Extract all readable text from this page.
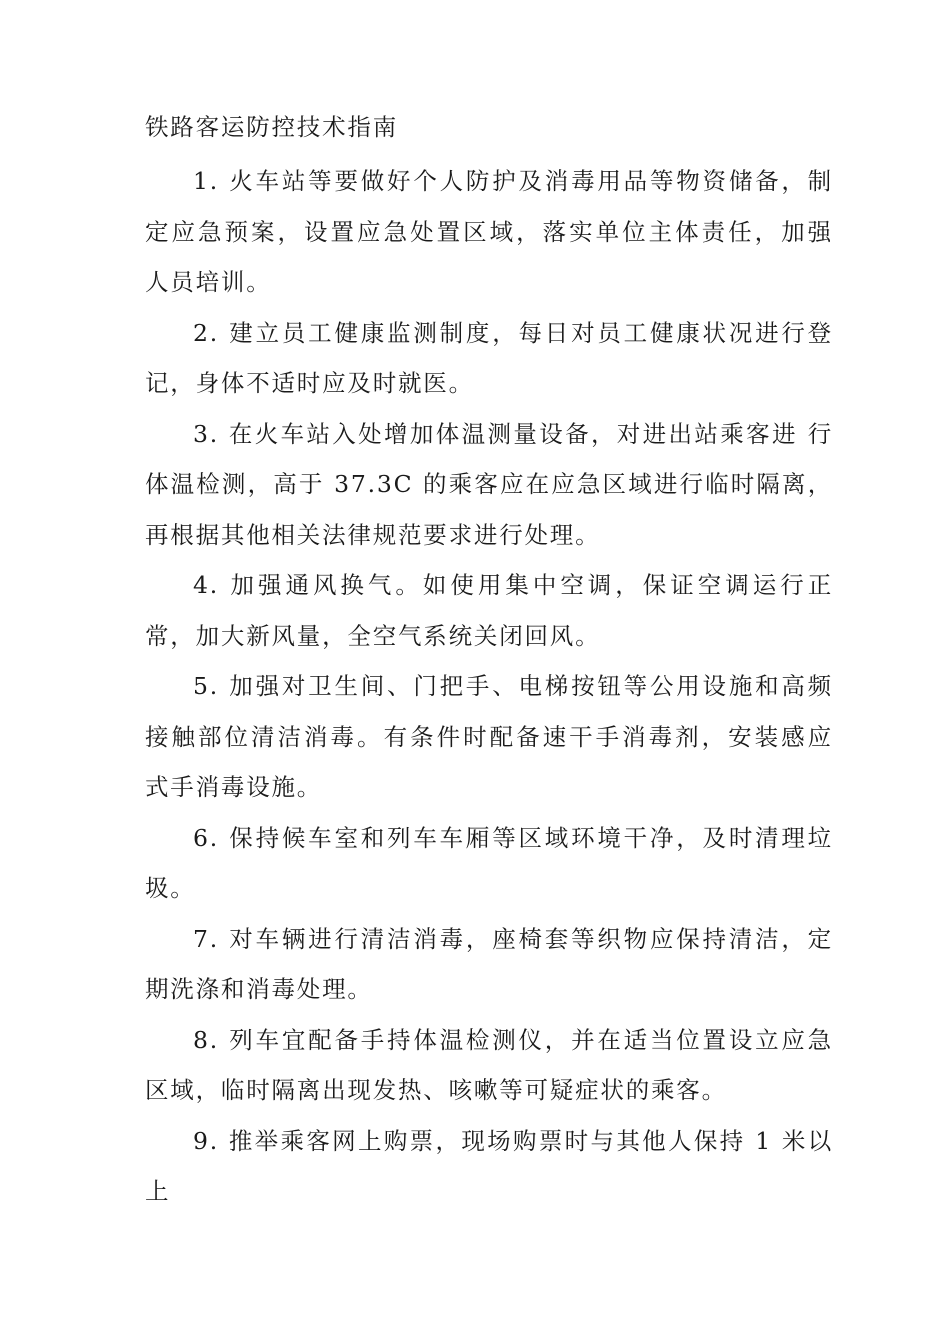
铁路客运防控技术指南

1. 火车站等要做好个人防护及消毒用品等物资储备，制 定应急预案，设置应急处置区域，落实单位主体责任，加强 人员培训。

2. 建立员工健康监测制度，每日对员工健康状况进行登记，身体不适时应及时就医。

3. 在火车站入处增加体温测量设备，对进出站乘客进 行体温检测，高于 37.3C 的乘客应在应急区域进行临时隔离， 再根据其他相关法律规范要求进行处理。

4. 加强通风换气。如使用集中空调，保证空调运行正常，加大新风量，全空气系统关闭回风。

5. 加强对卫生间、门把手、电梯按钮等公用设施和高频 接触部位清洁消毒。有条件时配备速干手消毒剂，安装感应 式手消毒设施。

6. 保持候车室和列车车厢等区域环境干净，及时清理垃圾。

7. 对车辆进行清洁消毒，座椅套等织物应保持清洁，定 期洗涤和消毒处理。

8. 列车宜配备手持体温检测仪，并在适当位置设立应急 区域，临时隔离出现发热、咳嗽等可疑症状的乘客。

9. 推举乘客网上购票，现场购票时与其他人保持 1 米以 上
